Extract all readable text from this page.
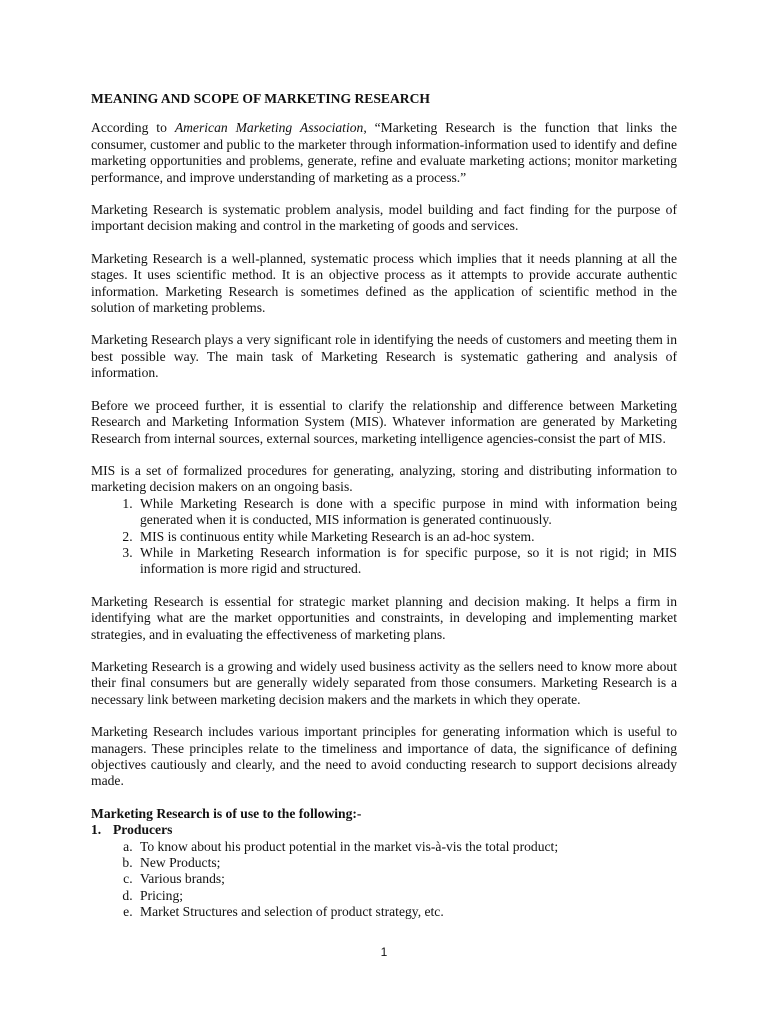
MEANING AND SCOPE OF MARKETING RESEARCH

According to American Marketing Association, “Marketing Research is the function that links the consumer, customer and public to the marketer through information-information used to identify and define marketing opportunities and problems, generate, refine and evaluate marketing actions; monitor marketing performance, and improve understanding of marketing as a process.”

Marketing Research is systematic problem analysis, model building and fact finding for the purpose of important decision making and control in the marketing of goods and services.

Marketing Research is a well-planned, systematic process which implies that it needs planning at all the stages. It uses scientific method. It is an objective process as it attempts to provide accurate authentic information. Marketing Research is sometimes defined as the application of scientific method in the solution of marketing problems.

Marketing Research plays a very significant role in identifying the needs of customers and meeting them in best possible way. The main task of Marketing Research is systematic gathering and analysis of information.

Before we proceed further, it is essential to clarify the relationship and difference between Marketing Research and Marketing Information System (MIS). Whatever information are generated by Marketing Research from internal sources, external sources, marketing intelligence agencies-consist the part of MIS.

MIS is a set of formalized procedures for generating, analyzing, storing and distributing information to marketing decision makers on an ongoing basis.

1. While Marketing Research is done with a specific purpose in mind with information being generated when it is conducted, MIS information is generated continuously.
2. MIS is continuous entity while Marketing Research is an ad-hoc system.
3. While in Marketing Research information is for specific purpose, so it is not rigid; in MIS information is more rigid and structured.

Marketing Research is essential for strategic market planning and decision making. It helps a firm in identifying what are the market opportunities and constraints, in developing and implementing market strategies, and in evaluating the effectiveness of marketing plans.

Marketing Research is a growing and widely used business activity as the sellers need to know more about their final consumers but are generally widely separated from those consumers. Marketing Research is a necessary link between marketing decision makers and the markets in which they operate.

Marketing Research includes various important principles for generating information which is useful to managers. These principles relate to the timeliness and importance of data, the significance of defining objectives cautiously and clearly, and the need to avoid conducting research to support decisions already made.

Marketing Research is of use to the following:-
1. Producers
a. To know about his product potential in the market vis-à-vis the total product;
b. New Products;
c. Various brands;
d. Pricing;
e. Market Structures and selection of product strategy, etc.
1
